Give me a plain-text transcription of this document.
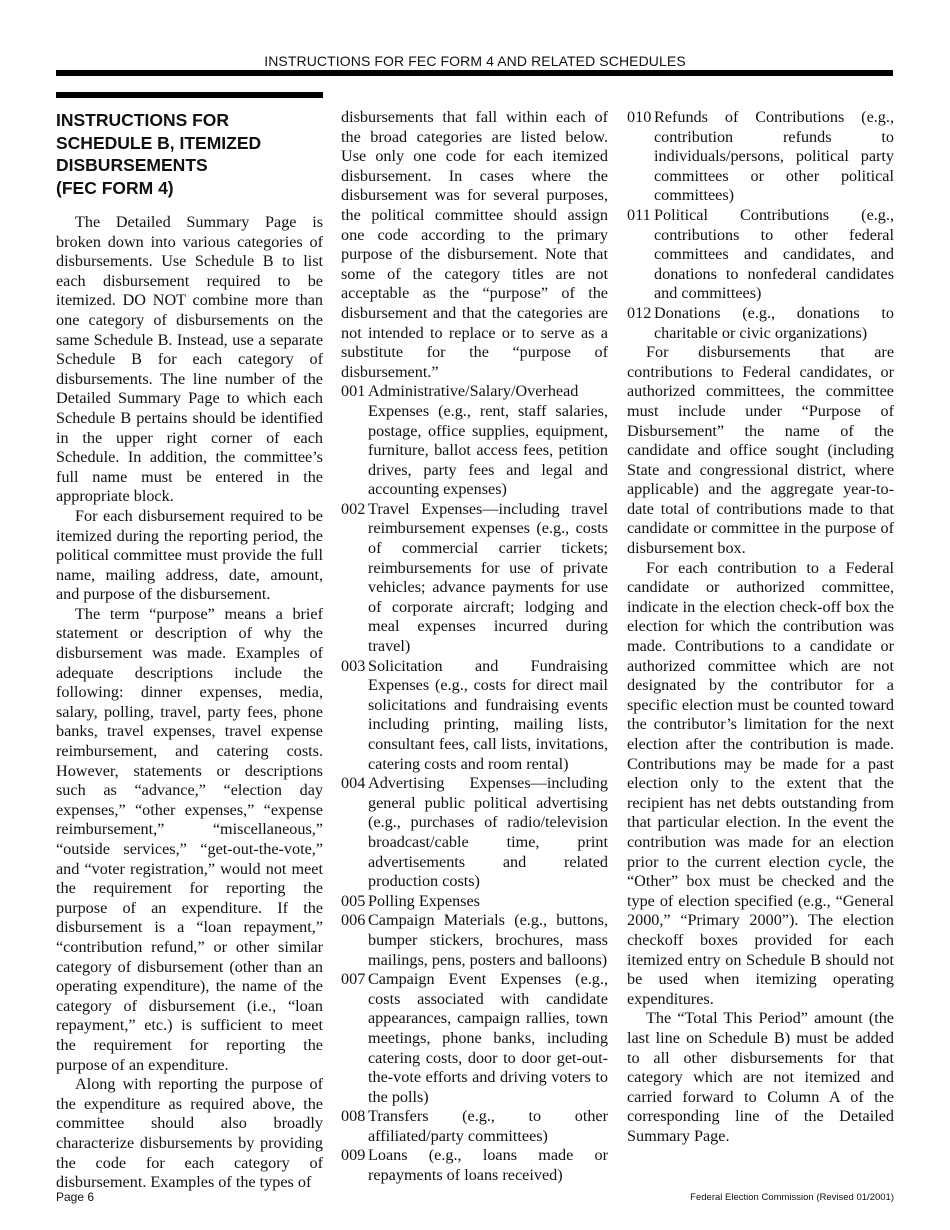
INSTRUCTIONS FOR FEC FORM 4 AND RELATED SCHEDULES
INSTRUCTIONS FOR
SCHEDULE B, ITEMIZED
DISBURSEMENTS
(FEC FORM 4)

The Detailed Summary Page is broken down into various categories of disbursements. Use Schedule B to list each disbursement required to be itemized. DO NOT combine more than one category of disbursements on the same Schedule B. Instead, use a separate Schedule B for each category of disbursements. The line number of the Detailed Summary Page to which each Schedule B pertains should be identified in the upper right corner of each Schedule. In addition, the committee’s full name must be entered in the appropriate block.

For each disbursement required to be itemized during the reporting period, the political committee must provide the full name, mailing address, date, amount, and purpose of the disbursement.

The term “purpose” means a brief statement or description of why the disbursement was made. Examples of adequate descriptions include the following: dinner expenses, media, salary, polling, travel, party fees, phone banks, travel expenses, travel expense reimbursement, and catering costs. However, statements or descriptions such as “advance,” “election day expenses,” “other expenses,” “expense reimbursement,” “miscellaneous,” “outside services,” “get-out-the-vote,” and “voter registration,” would not meet the requirement for reporting the purpose of an expenditure. If the disbursement is a “loan repayment,” “contribution refund,” or other similar category of disbursement (other than an operating expenditure), the name of the category of disbursement (i.e., “loan repayment,” etc.) is sufficient to meet the requirement for reporting the purpose of an expenditure.

Along with reporting the purpose of the expenditure as required above, the committee should also broadly characterize disbursements by providing the code for each category of disbursement. Examples of the types of

disbursements that fall within each of the broad categories are listed below. Use only one code for each itemized disbursement. In cases where the disbursement was for several purposes, the political committee should assign one code according to the primary purpose of the disbursement. Note that some of the category titles are not acceptable as the “purpose” of the disbursement and that the categories are not intended to replace or to serve as a substitute for the “purpose of disbursement.”

001 Administrative/Salary/Overhead Expenses (e.g., rent, staff salaries, postage, office supplies, equipment, furniture, ballot access fees, petition drives, party fees and legal and accounting expenses)
002 Travel Expenses—including travel reimbursement expenses (e.g., costs of commercial carrier tickets; reimbursements for use of private vehicles; advance payments for use of corporate aircraft; lodging and meal expenses incurred during travel)
003 Solicitation and Fundraising Expenses (e.g., costs for direct mail solicitations and fundraising events including printing, mailing lists, consultant fees, call lists, invitations, catering costs and room rental)
004 Advertising Expenses—including general public political advertising (e.g., purchases of radio/television broadcast/cable time, print advertisements and related production costs)
005 Polling Expenses
006 Campaign Materials (e.g., buttons, bumper stickers, brochures, mass mailings, pens, posters and balloons)
007 Campaign Event Expenses (e.g., costs associated with candidate appearances, campaign rallies, town meetings, phone banks, including catering costs, door to door get-out-the-vote efforts and driving voters to the polls)
008 Transfers (e.g., to other affiliated/party committees)
009 Loans (e.g., loans made or repayments of loans received)
010 Refunds of Contributions (e.g., contribution refunds to individuals/persons, political party committees or other political committees)
011 Political Contributions (e.g., contributions to other federal committees and candidates, and donations to nonfederal candidates and committees)
012 Donations (e.g., donations to charitable or civic organizations)

For disbursements that are contributions to Federal candidates, or authorized committees, the committee must include under “Purpose of Disbursement” the name of the candidate and office sought (including State and congressional district, where applicable) and the aggregate year-to-date total of contributions made to that candidate or committee in the purpose of disbursement box.

For each contribution to a Federal candidate or authorized committee, indicate in the election check-off box the election for which the contribution was made. Contributions to a candidate or authorized committee which are not designated by the contributor for a specific election must be counted toward the contributor’s limitation for the next election after the contribution is made. Contributions may be made for a past election only to the extent that the recipient has net debts outstanding from that particular election. In the event the contribution was made for an election prior to the current election cycle, the “Other” box must be checked and the type of election specified (e.g., “General 2000,” “Primary 2000”). The election checkoff boxes provided for each itemized entry on Schedule B should not be used when itemizing operating expenditures.

The “Total This Period” amount (the last line on Schedule B) must be added to all other disbursements for that category which are not itemized and carried forward to Column A of the corresponding line of the Detailed Summary Page.

Page 6	Federal Election Commission (Revised 01/2001)
